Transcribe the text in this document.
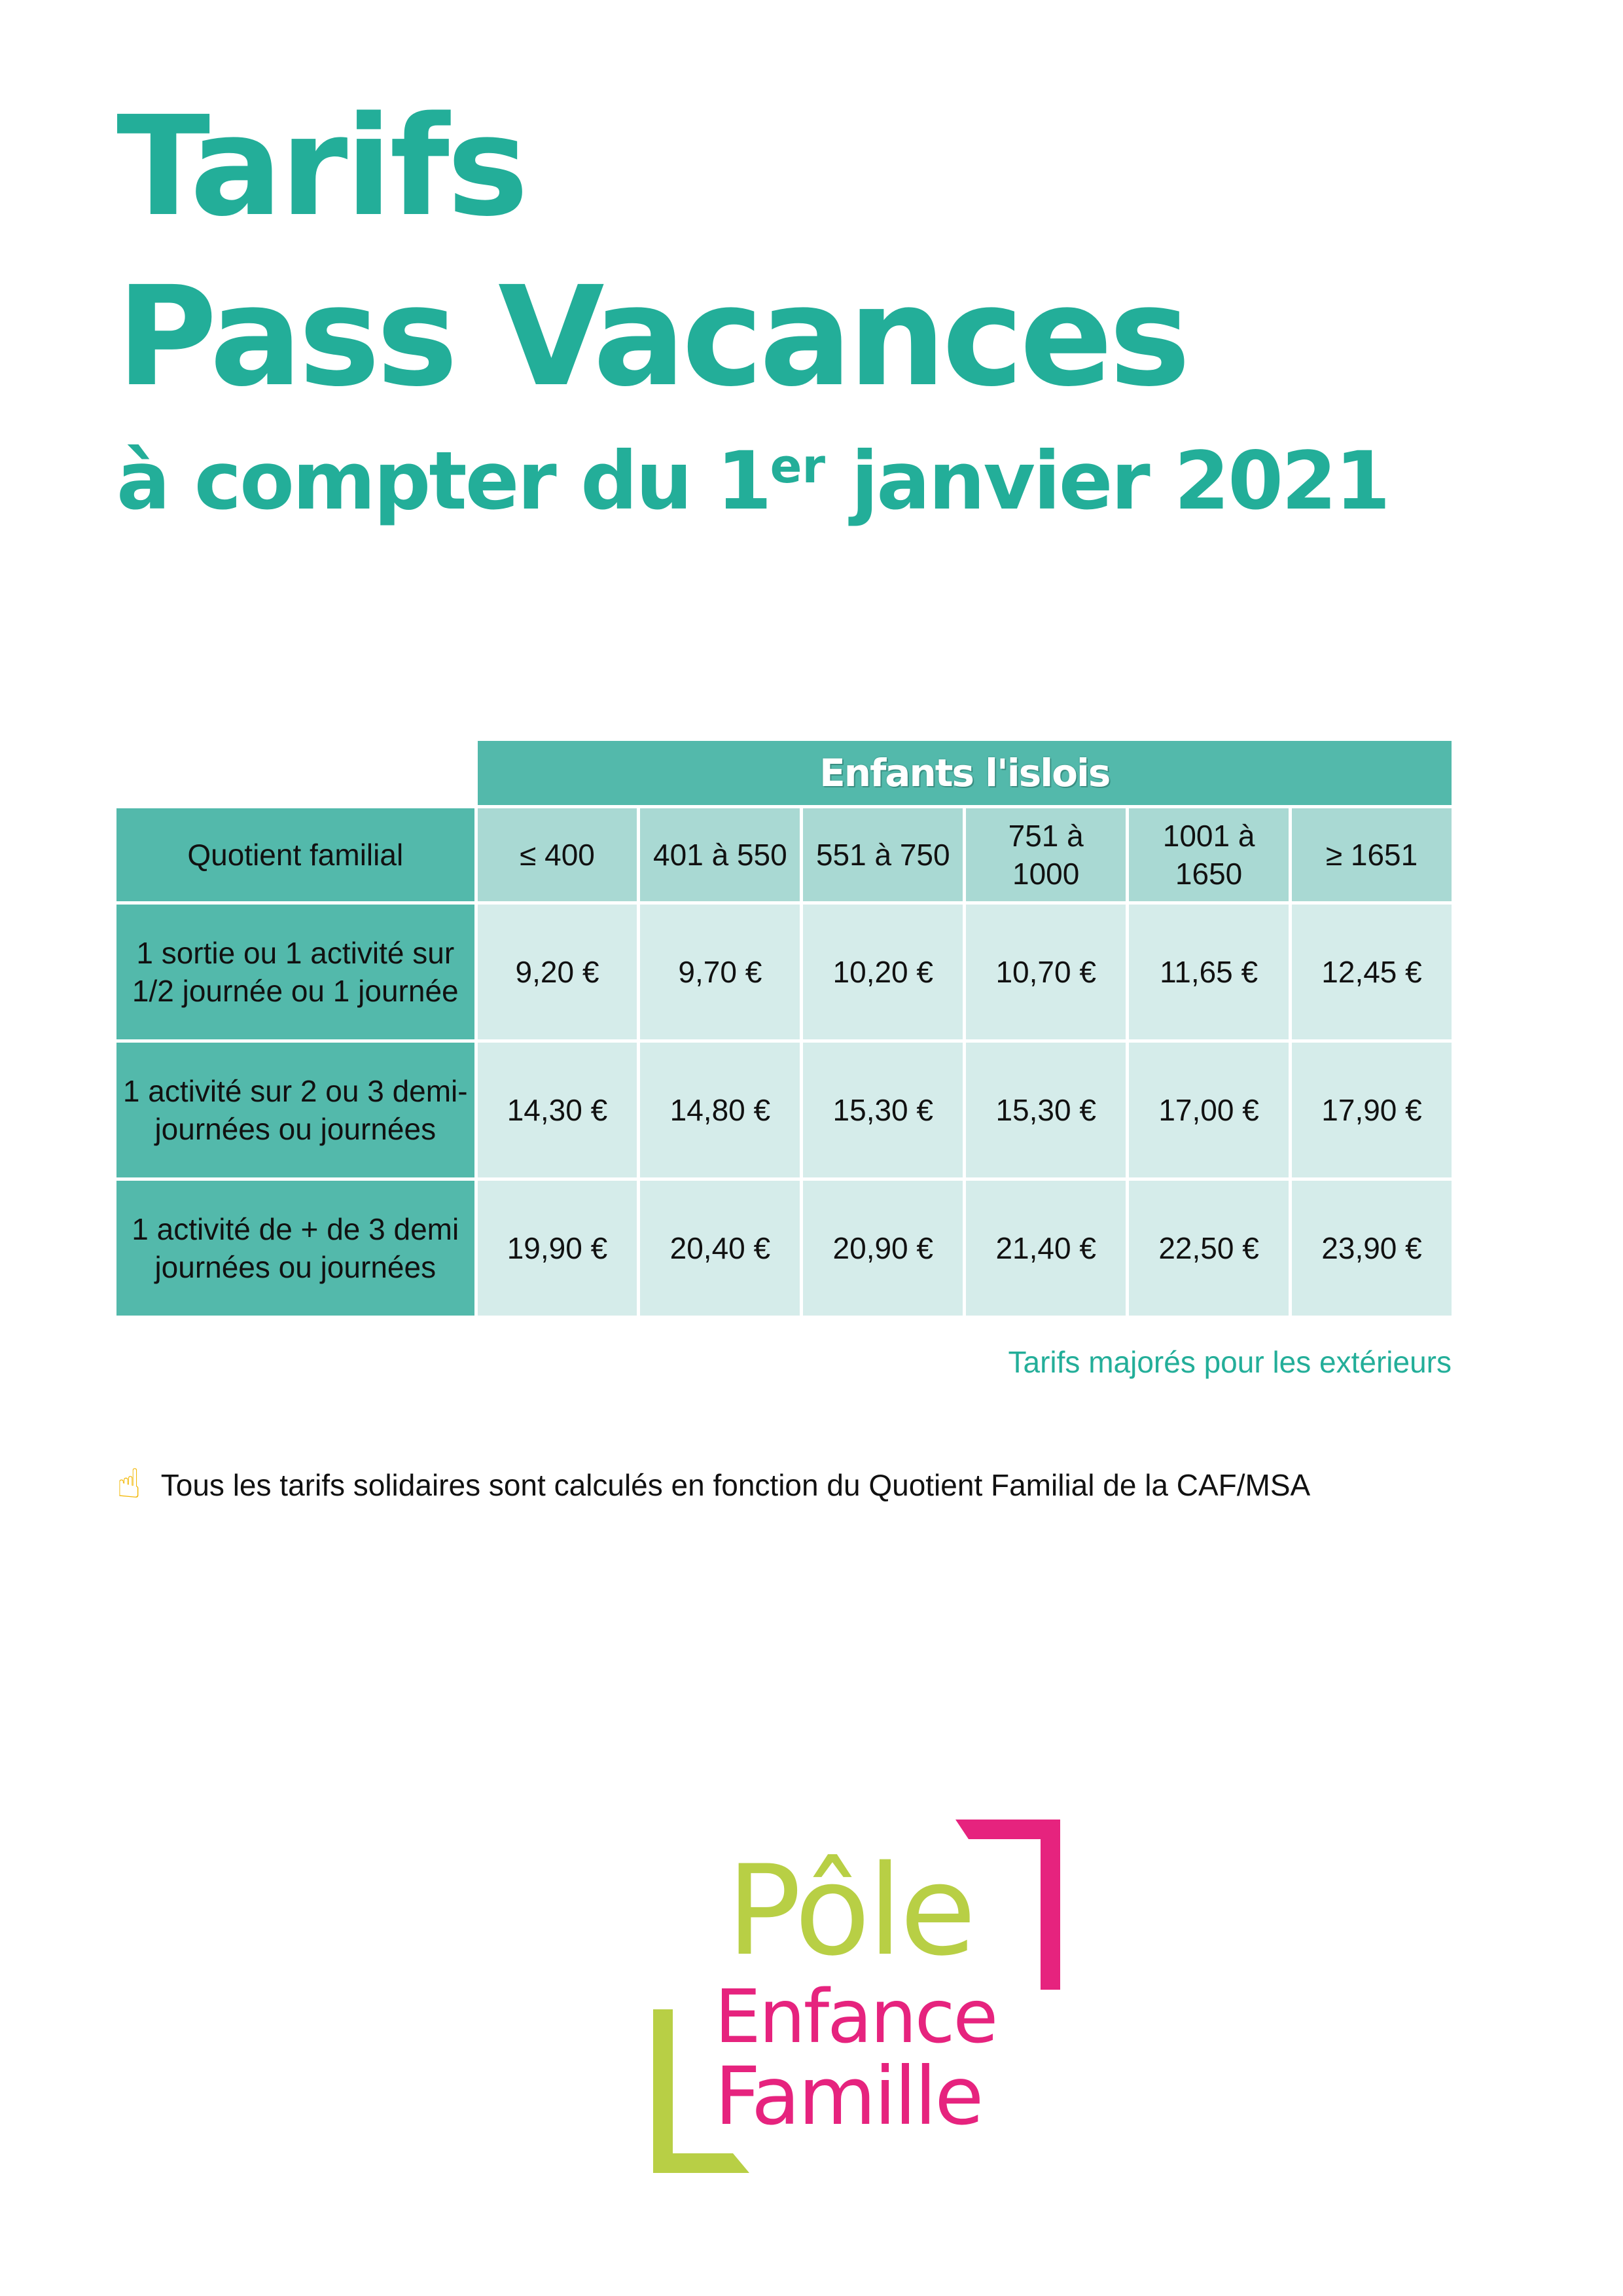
Tarifs
Pass Vacances
à compter du 1er janvier 2021
	Enfants l'islois					
Quotient familial	≤ 400	401 à 550	551 à 750	751 à 1000	1001 à 1650	≥ 1651
1 sortie ou 1 activité sur 1/2 journée ou 1 journée	9,20 €	9,70 €	10,20 €	10,70 €	11,65 €	12,45 €
1 activité sur 2 ou 3 demi-journées ou journées	14,30 €	14,80 €	15,30 €	15,30 €	17,00 €	17,90 €
1 activité de + de 3 demi journées ou journées	19,90 €	20,40 €	20,90 €	21,40 €	22,50 €	23,90 €
Tarifs majorés pour les extérieurs
☝ Tous les tarifs solidaires sont calculés en fonction du Quotient Familial de la CAF/MSA
Pôle
Enfance
Famille
